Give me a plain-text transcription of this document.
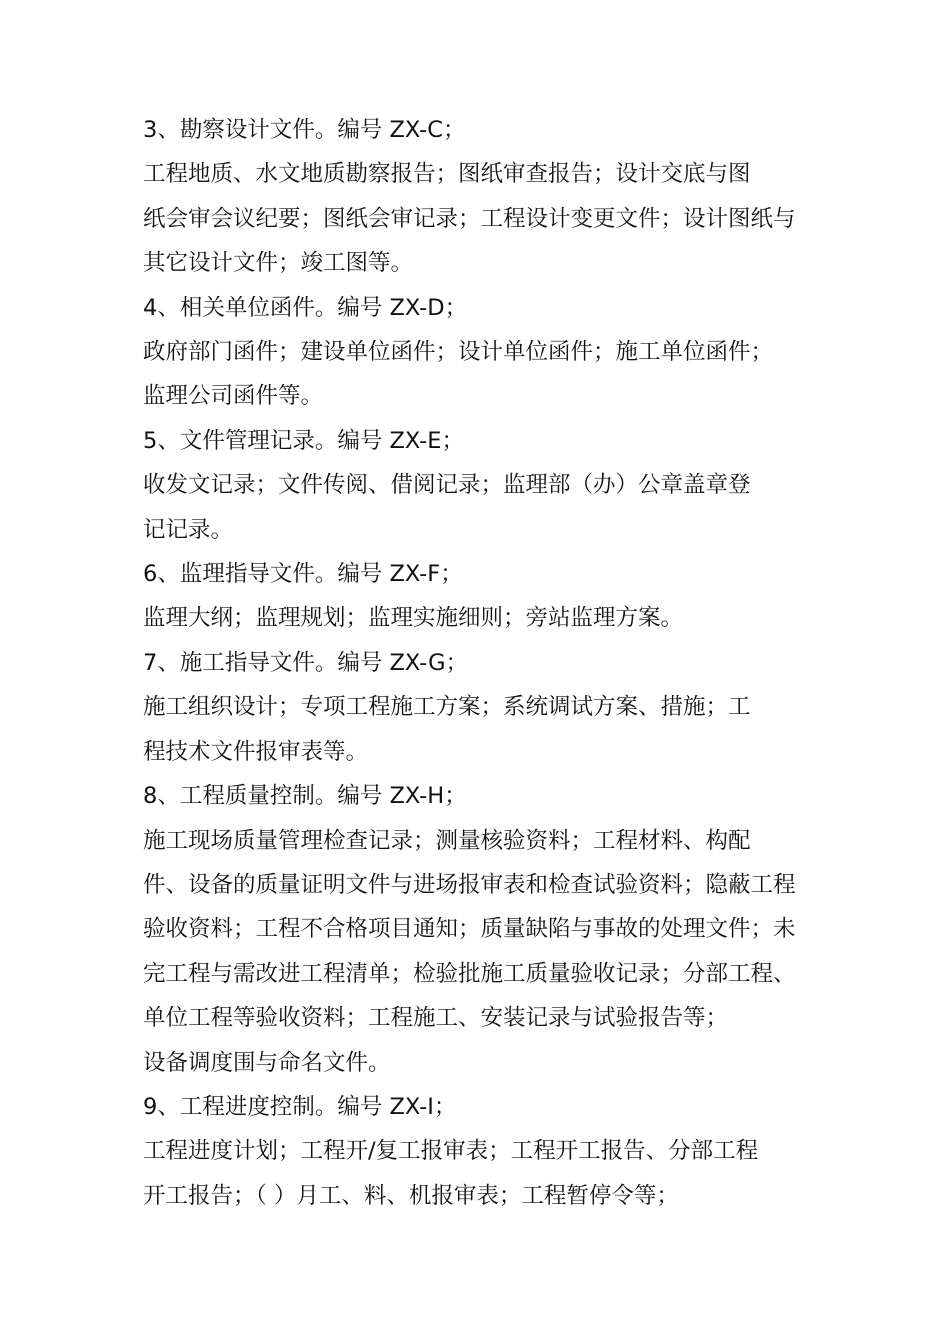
3、勘察设计文件。编号 ZX-C；

工程地质、水文地质勘察报告；图纸审查报告；设计交底与图

纸会审会议纪要；图纸会审记录；工程设计变更文件；设计图纸与

其它设计文件；竣工图等。

4、相关单位函件。编号 ZX-D；

政府部门函件；建设单位函件；设计单位函件；施工单位函件；

监理公司函件等。

5、文件管理记录。编号 ZX-E；

收发文记录；文件传阅、借阅记录；监理部（办）公章盖章登

记记录。

6、监理指导文件。编号 ZX-F；

监理大纲；监理规划；监理实施细则；旁站监理方案。

7、施工指导文件。编号 ZX-G；

施工组织设计；专项工程施工方案；系统调试方案、措施；工

程技术文件报审表等。

8、工程质量控制。编号 ZX-H；

施工现场质量管理检查记录；测量核验资料；工程材料、构配

件、设备的质量证明文件与进场报审表和检查试验资料；隐蔽工程

验收资料；工程不合格项目通知；质量缺陷与事故的处理文件；未

完工程与需改进工程清单；检验批施工质量验收记录；分部工程、

单位工程等验收资料；工程施工、安装记录与试验报告等；

设备调度围与命名文件。

9、工程进度控制。编号 ZX-I；

工程进度计划；工程开/复工报审表；工程开工报告、分部工程

开工报告；（ ）月工、料、机报审表；工程暂停令等；
